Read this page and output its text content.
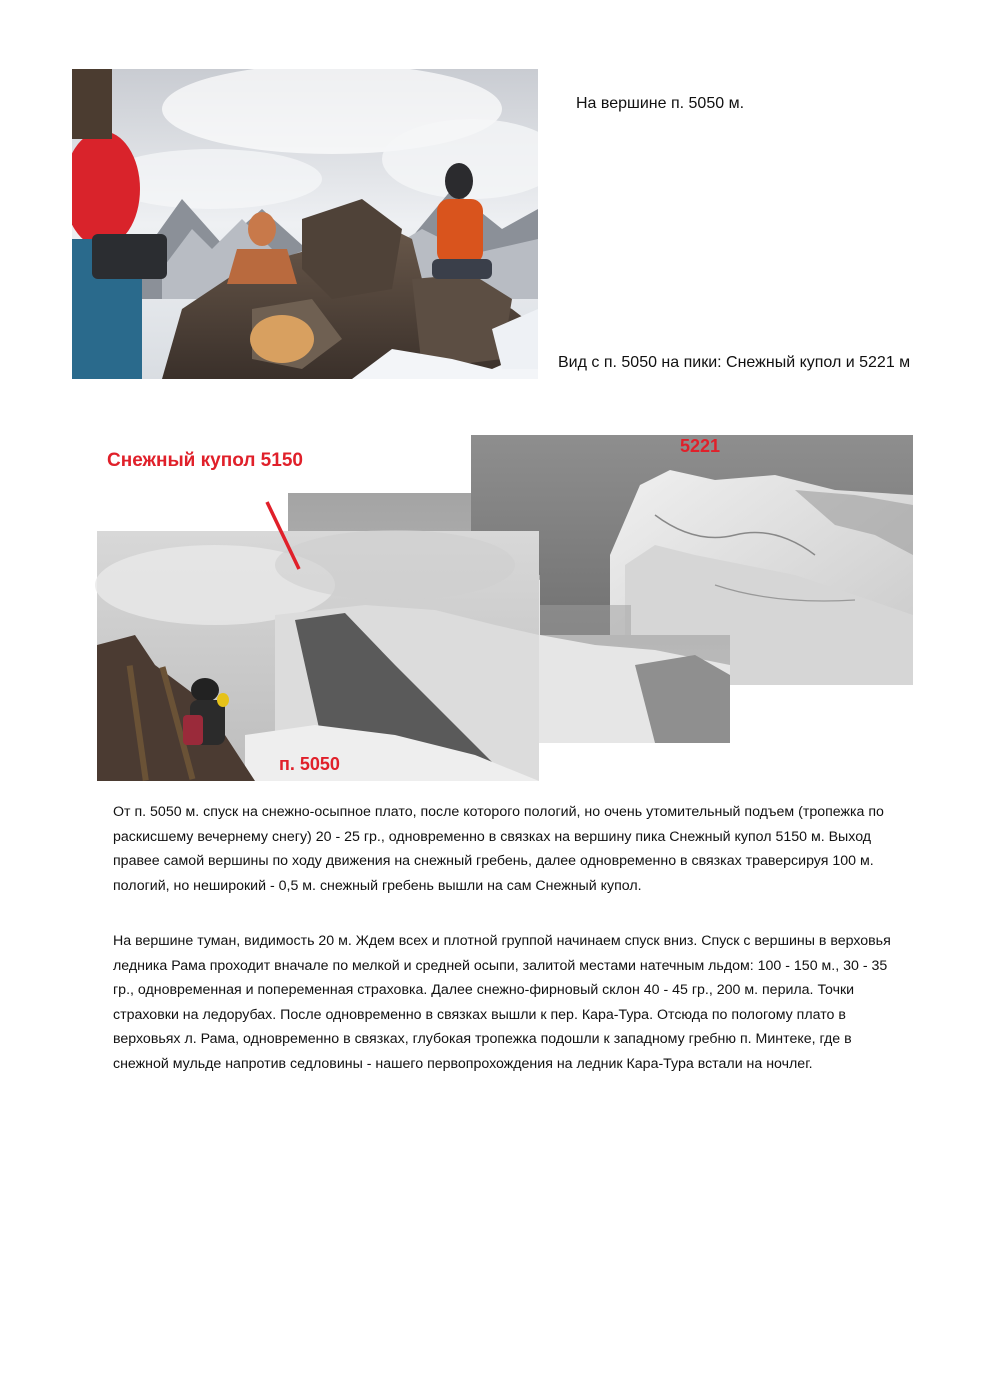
На вершине п. 5050 м.
Вид с п. 5050 на пики: Снежный купол и 5221 м
Снежный купол 5150
5221
п. 5050
От п. 5050 м. спуск на снежно-осыпное плато, после которого пологий, но очень утомительный подъем (тропежка по раскисшему вечернему снегу) 20 - 25 гр., одновременно в связках на вершину пика Снежный купол 5150 м. Выход правее самой вершины по ходу движения на снежный гребень, далее одновременно в связках траверсируя 100 м. пологий, но неширокий - 0,5 м. снежный гребень вышли на сам Снежный купол.
На вершине туман, видимость 20 м. Ждем всех и плотной группой начинаем спуск вниз. Спуск с вершины в верховья ледника Рама проходит вначале по мелкой и средней осыпи, залитой местами натечным льдом: 100 - 150 м., 30 - 35 гр., одновременная и попеременная страховка. Далее снежно-фирновый склон 40 - 45 гр., 200 м. перила. Точки страховки на ледорубах. После одновременно в связках вышли к пер. Кара-Тура. Отсюда по пологому плато в верховьях л. Рама, одновременно в связках, глубокая тропежка подошли к западному гребню п. Минтеке, где в снежной мульде напротив седловины - нашего первопрохождения на ледник Кара-Тура встали на ночлег.
